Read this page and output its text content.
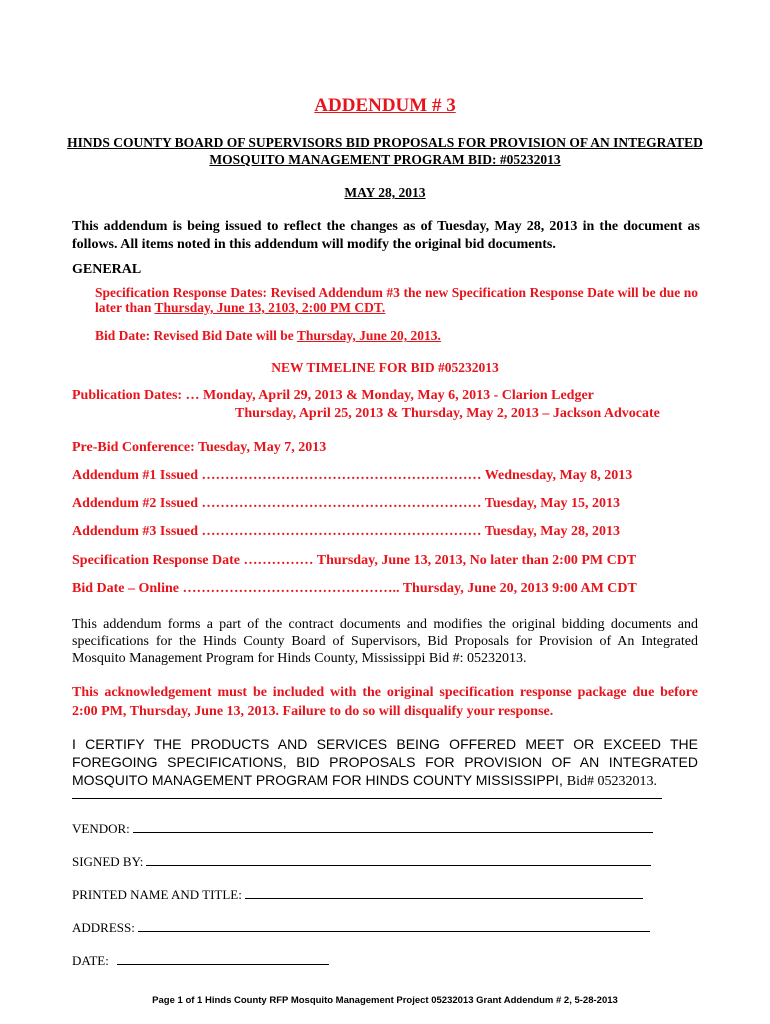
ADDENDUM # 3
HINDS COUNTY BOARD OF SUPERVISORS BID PROPOSALS FOR PROVISION OF AN INTEGRATED MOSQUITO MANAGEMENT PROGRAM BID: #05232013
MAY 28, 2013
This addendum is being issued to reflect the changes as of Tuesday, May 28, 2013 in the document as follows. All items noted in this addendum will modify the original bid documents.
GENERAL
Specification Response Dates: Revised Addendum #3 the new Specification Response Date will be due no later than Thursday, June 13, 2103, 2:00 PM CDT.
Bid Date: Revised Bid Date will be Thursday, June 20, 2013.
NEW TIMELINE FOR BID #05232013
Publication Dates: … Monday, April 29, 2013 & Monday, May 6, 2013 - Clarion Ledger
Thursday, April 25, 2013 & Thursday, May 2, 2013 – Jackson Advocate
Pre-Bid Conference: Tuesday, May 7, 2013
Addendum #1 Issued …………………………………………………… Wednesday, May 8, 2013
Addendum #2 Issued …………………………………………………… Tuesday, May 15, 2013
Addendum #3 Issued …………………………………………………… Tuesday, May 28, 2013
Specification Response Date …………… Thursday, June 13, 2013, No later than 2:00 PM CDT
Bid Date – Online ……………………………………….. Thursday, June 20, 2013 9:00 AM CDT
This addendum forms a part of the contract documents and modifies the original bidding documents and specifications for the Hinds County Board of Supervisors, Bid Proposals for Provision of An Integrated Mosquito Management Program for Hinds County, Mississippi Bid #: 05232013.
This acknowledgement must be included with the original specification response package due before 2:00 PM, Thursday, June 13, 2013. Failure to do so will disqualify your response.
I CERTIFY THE PRODUCTS AND SERVICES BEING OFFERED MEET OR EXCEED THE FOREGOING SPECIFICATIONS, BID PROPOSALS FOR PROVISION OF AN INTEGRATED MOSQUITO MANAGEMENT PROGRAM FOR HINDS COUNTY MISSISSIPPI, Bid# 05232013.
VENDOR:
SIGNED BY:
PRINTED NAME AND TITLE:
ADDRESS:
DATE:
Page 1 of 1 Hinds County RFP Mosquito Management Project 05232013 Grant Addendum # 2, 5-28-2013
